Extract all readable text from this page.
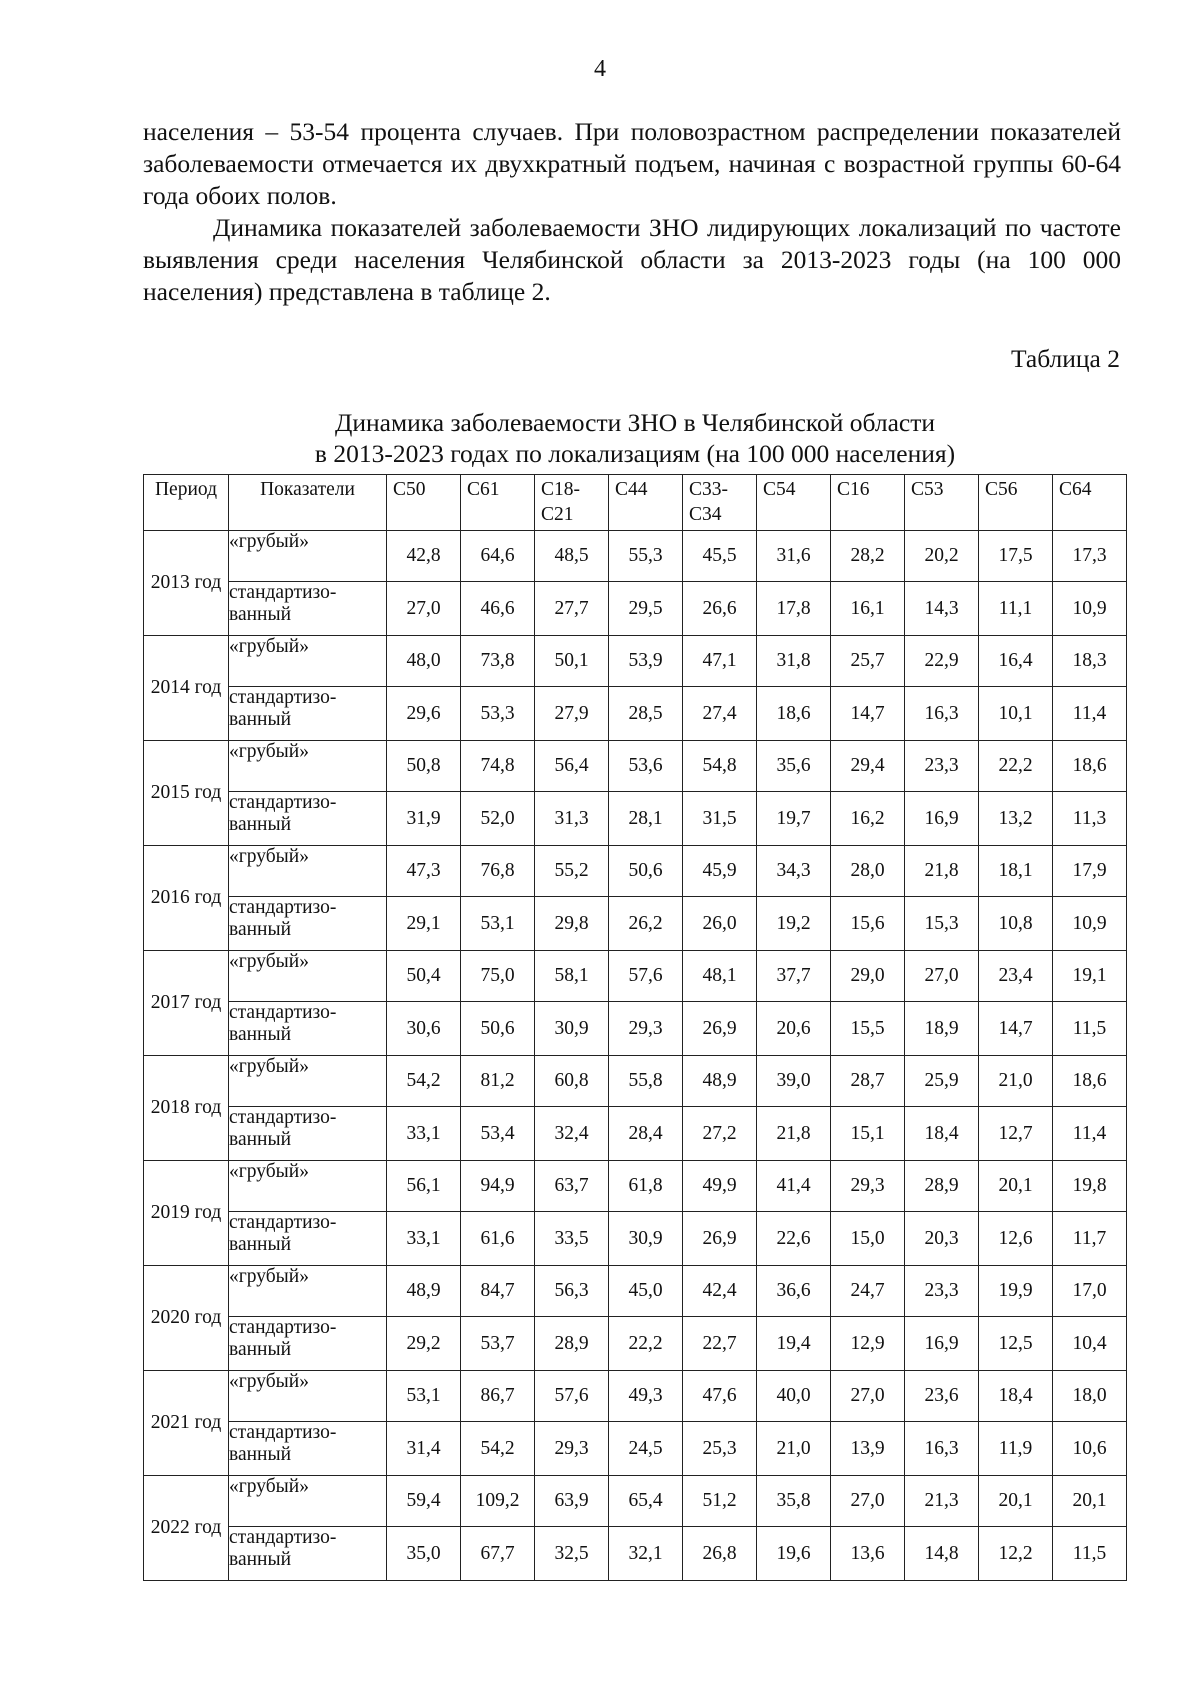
4

населения – 53-54 процента случаев. При половозрастном распределении показателей заболеваемости отмечается их двухкратный подъем, начиная с возрастной группы 60-64 года обоих полов.

Динамика показателей заболеваемости ЗНО лидирующих локализаций по частоте выявления среди населения Челябинской области за 2013-2023 годы (на 100 000 населения) представлена в таблице 2.

Таблица 2
Динамика заболеваемости ЗНО в Челябинской области
в 2013-2023 годах по локализациям (на 100 000 населения)
Период	Показатели	С50	С61	С18-С21	С44	С33-С34	С54	С16	С53	С56	С64
2013 год	«грубый»	42,8	64,6	48,5	55,3	45,5	31,6	28,2	20,2	17,5	17,3
	стандартизо-ванный	27,0	46,6	27,7	29,5	26,6	17,8	16,1	14,3	11,1	10,9
2014 год	«грубый»	48,0	73,8	50,1	53,9	47,1	31,8	25,7	22,9	16,4	18,3
	стандартизо-ванный	29,6	53,3	27,9	28,5	27,4	18,6	14,7	16,3	10,1	11,4
2015 год	«грубый»	50,8	74,8	56,4	53,6	54,8	35,6	29,4	23,3	22,2	18,6
	стандартизо-ванный	31,9	52,0	31,3	28,1	31,5	19,7	16,2	16,9	13,2	11,3
2016 год	«грубый»	47,3	76,8	55,2	50,6	45,9	34,3	28,0	21,8	18,1	17,9
	стандартизо-ванный	29,1	53,1	29,8	26,2	26,0	19,2	15,6	15,3	10,8	10,9
2017 год	«грубый»	50,4	75,0	58,1	57,6	48,1	37,7	29,0	27,0	23,4	19,1
	стандартизо-ванный	30,6	50,6	30,9	29,3	26,9	20,6	15,5	18,9	14,7	11,5
2018 год	«грубый»	54,2	81,2	60,8	55,8	48,9	39,0	28,7	25,9	21,0	18,6
	стандартизо-ванный	33,1	53,4	32,4	28,4	27,2	21,8	15,1	18,4	12,7	11,4
2019 год	«грубый»	56,1	94,9	63,7	61,8	49,9	41,4	29,3	28,9	20,1	19,8
	стандартизо-ванный	33,1	61,6	33,5	30,9	26,9	22,6	15,0	20,3	12,6	11,7
2020 год	«грубый»	48,9	84,7	56,3	45,0	42,4	36,6	24,7	23,3	19,9	17,0
	стандартизо-ванный	29,2	53,7	28,9	22,2	22,7	19,4	12,9	16,9	12,5	10,4
2021 год	«грубый»	53,1	86,7	57,6	49,3	47,6	40,0	27,0	23,6	18,4	18,0
	стандартизо-ванный	31,4	54,2	29,3	24,5	25,3	21,0	13,9	16,3	11,9	10,6
2022 год	«грубый»	59,4	109,2	63,9	65,4	51,2	35,8	27,0	21,3	20,1	20,1
	стандартизо-ванный	35,0	67,7	32,5	32,1	26,8	19,6	13,6	14,8	12,2	11,5
